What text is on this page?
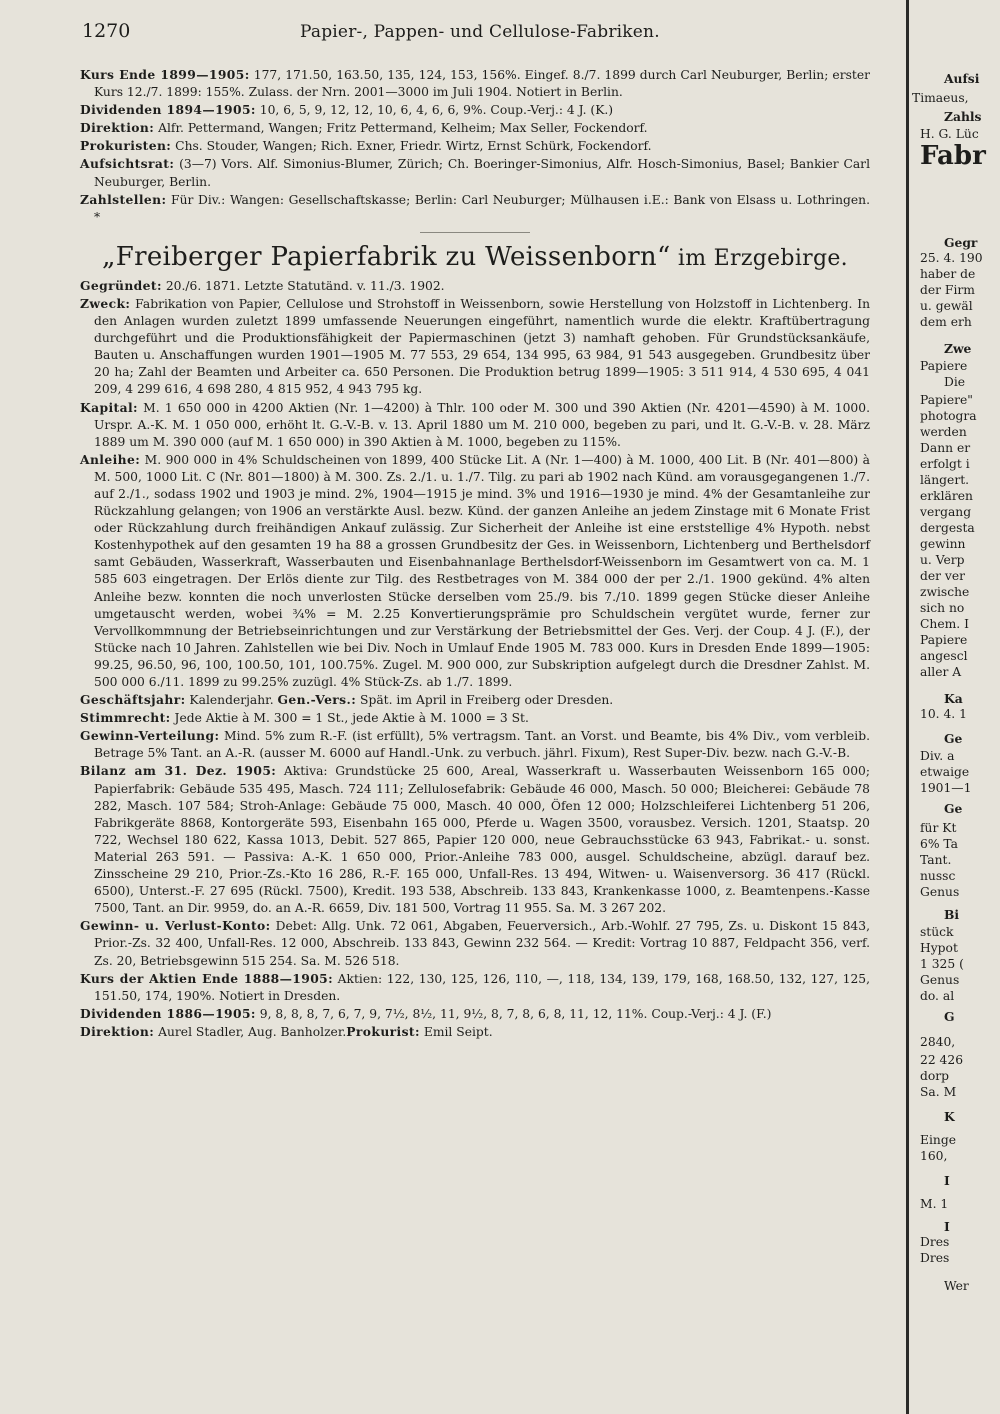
1270	Papier-, Pappen- und Cellulose-Fabriken.

Kurs Ende 1899—1905: 177, 171.50, 163.50, 135, 124, 153, 156%. Eingef. 8./7. 1899 durch Carl Neuburger, Berlin; erster Kurs 12./7. 1899: 155%. Zulass. der Nrn. 2001—3000 im Juli 1904. Notiert in Berlin.

Dividenden 1894—1905: 10, 6, 5, 9, 12, 12, 10, 6, 4, 6, 6, 9%. Coup.-Verj.: 4 J. (K.)

Direktion: Alfr. Pettermand, Wangen; Fritz Pettermand, Kelheim; Max Seller, Fockendorf.

Prokuristen: Chs. Stouder, Wangen; Rich. Exner, Friedr. Wirtz, Ernst Schürk, Fockendorf.

Aufsichtsrat: (3—7) Vors. Alf. Simonius-Blumer, Zürich; Ch. Boeringer-Simonius, Alfr. Hosch-Simonius, Basel; Bankier Carl Neuburger, Berlin.

Zahlstellen: Für Div.: Wangen: Gesellschaftskasse; Berlin: Carl Neuburger; Mülhausen i.E.: Bank von Elsass u. Lothringen. *

„Freiberger Papierfabrik zu Weissenborn“ im Erzgebirge.

Gegründet: 20./6. 1871. Letzte Statutänd. v. 11./3. 1902.

Zweck: Fabrikation von Papier, Cellulose und Strohstoff in Weissenborn, sowie Herstellung von Holzstoff in Lichtenberg. In den Anlagen wurden zuletzt 1899 umfassende Neuerungen eingeführt, namentlich wurde die elektr. Kraftübertragung durchgeführt und die Produktionsfähigkeit der Papiermaschinen (jetzt 3) namhaft gehoben. Für Grundstücksankäufe, Bauten u. Anschaffungen wurden 1901—1905 M. 77 553, 29 654, 134 995, 63 984, 91 543 ausgegeben. Grundbesitz über 20 ha; Zahl der Beamten und Arbeiter ca. 650 Personen. Die Produktion betrug 1899—1905: 3 511 914, 4 530 695, 4 041 209, 4 299 616, 4 698 280, 4 815 952, 4 943 795 kg.

Kapital: M. 1 650 000 in 4200 Aktien (Nr. 1—4200) à Thlr. 100 oder M. 300 und 390 Aktien (Nr. 4201—4590) à M. 1000. Urspr. A.-K. M. 1 050 000, erhöht lt. G.-V.-B. v. 13. April 1880 um M. 210 000, begeben zu pari, und lt. G.-V.-B. v. 28. März 1889 um M. 390 000 (auf M. 1 650 000) in 390 Aktien à M. 1000, begeben zu 115%.

Anleihe: M. 900 000 in 4% Schuldscheinen von 1899, 400 Stücke Lit. A (Nr. 1—400) à M. 1000, 400 Lit. B (Nr. 401—800) à M. 500, 1000 Lit. C (Nr. 801—1800) à M. 300. Zs. 2./1. u. 1./7. Tilg. zu pari ab 1902 nach Künd. am vorausgegangenen 1./7. auf 2./1., sodass 1902 und 1903 je mind. 2%, 1904—1915 je mind. 3% und 1916—1930 je mind. 4% der Gesamtanleihe zur Rückzahlung gelangen; von 1906 an verstärkte Ausl. bezw. Künd. der ganzen Anleihe an jedem Zinstage mit 6 Monate Frist oder Rückzahlung durch freihändigen Ankauf zulässig. Zur Sicherheit der Anleihe ist eine erststellige 4% Hypoth. nebst Kostenhypothek auf den gesamten 19 ha 88 a grossen Grundbesitz der Ges. in Weissenborn, Lichtenberg und Berthelsdorf samt Gebäuden, Wasserkraft, Wasserbauten und Eisenbahnanlage Berthelsdorf-Weissenborn im Gesamtwert von ca. M. 1 585 603 eingetragen. Der Erlös diente zur Tilg. des Restbetrages von M. 384 000 der per 2./1. 1900 gekünd. 4% alten Anleihe bezw. konnten die noch unverlosten Stücke derselben vom 25./9. bis 7./10. 1899 gegen Stücke dieser Anleihe umgetauscht werden, wobei ¾% = M. 2.25 Konvertierungsprämie pro Schuldschein vergütet wurde, ferner zur Vervollkommnung der Betriebseinrichtungen und zur Verstärkung der Betriebsmittel der Ges. Verj. der Coup. 4 J. (F.), der Stücke nach 10 Jahren. Zahlstellen wie bei Div. Noch in Umlauf Ende 1905 M. 783 000. Kurs in Dresden Ende 1899—1905: 99.25, 96.50, 96, 100, 100.50, 101, 100.75%. Zugel. M. 900 000, zur Subskription aufgelegt durch die Dresdner Zahlst. M. 500 000 6./11. 1899 zu 99.25% zuzügl. 4% Stück-Zs. ab 1./7. 1899.

Geschäftsjahr: Kalenderjahr. Gen.-Vers.: Spät. im April in Freiberg oder Dresden.

Stimmrecht: Jede Aktie à M. 300 = 1 St., jede Aktie à M. 1000 = 3 St.

Gewinn-Verteilung: Mind. 5% zum R.-F. (ist erfüllt), 5% vertragsm. Tant. an Vorst. und Beamte, bis 4% Div., vom verbleib. Betrage 5% Tant. an A.-R. (ausser M. 6000 auf Handl.-Unk. zu verbuch. jährl. Fixum), Rest Super-Div. bezw. nach G.-V.-B.

Bilanz am 31. Dez. 1905: Aktiva: Grundstücke 25 600, Areal, Wasserkraft u. Wasserbauten Weissenborn 165 000; Papierfabrik: Gebäude 535 495, Masch. 724 111; Zellulosefabrik: Gebäude 46 000, Masch. 50 000; Bleicherei: Gebäude 78 282, Masch. 107 584; Stroh-Anlage: Gebäude 75 000, Masch. 40 000, Öfen 12 000; Holzschleiferei Lichtenberg 51 206, Fabrikgeräte 8868, Kontorgeräte 593, Eisenbahn 165 000, Pferde u. Wagen 3500, vorausbez. Versich. 1201, Staatsp. 20 722, Wechsel 180 622, Kassa 1013, Debit. 527 865, Papier 120 000, neue Gebrauchsstücke 63 943, Fabrikat.- u. sonst. Material 263 591. — Passiva: A.-K. 1 650 000, Prior.-Anleihe 783 000, ausgel. Schuldscheine, abzügl. darauf bez. Zinsscheine 29 210, Prior.-Zs.-Kto 16 286, R.-F. 165 000, Unfall-Res. 13 494, Witwen- u. Waisenversorg. 36 417 (Rückl. 6500), Unterst.-F. 27 695 (Rückl. 7500), Kredit. 193 538, Abschreib. 133 843, Krankenkasse 1000, z. Beamtenpens.-Kasse 7500, Tant. an Dir. 9959, do. an A.-R. 6659, Div. 181 500, Vortrag 11 955. Sa. M. 3 267 202.

Gewinn- u. Verlust-Konto: Debet: Allg. Unk. 72 061, Abgaben, Feuerversich., Arb.-Wohlf. 27 795, Zs. u. Diskont 15 843, Prior.-Zs. 32 400, Unfall-Res. 12 000, Abschreib. 133 843, Gewinn 232 564. — Kredit: Vortrag 10 887, Feldpacht 356, verf. Zs. 20, Betriebsgewinn 515 254. Sa. M. 526 518.

Kurs der Aktien Ende 1888—1905: Aktien: 122, 130, 125, 126, 110, —, 118, 134, 139, 179, 168, 168.50, 132, 127, 125, 151.50, 174, 190%. Notiert in Dresden.

Dividenden 1886—1905: 9, 8, 8, 8, 7, 6, 7, 9, 7½, 8½, 11, 9½, 8, 7, 8, 6, 8, 11, 12, 11%. Coup.-Verj.: 4 J. (F.)

Direktion: Aurel Stadler, Aug. Banholzer.Prokurist: Emil Seipt.

Aufsi
Timaeus,
Zahls
H. G. Lüc
Fabr
Gegr
25. 4. 190
haber de
der Firm
u. gewäl
dem erh
Zwe
Papiere
Die
Papiere"
photogra
werden
Dann er
erfolgt i
längert.
erklären
vergang
dergesta
gewinn
u. Verp
der ver
zwische
sich no
Chem. I
Papiere
angescl
aller A
Ka
10. 4. 1
Ge
Div. a
etwaige
1901—1
Ge
für Kt
6% Ta
Tant.
nussc
Genus
Bi
stück
Hypot
1 325 (
Genus
do. al
G
2840,
22 426
dorp
Sa. M
K
Einge
160,
I
M. 1
I
Dres
Dres
Wer
